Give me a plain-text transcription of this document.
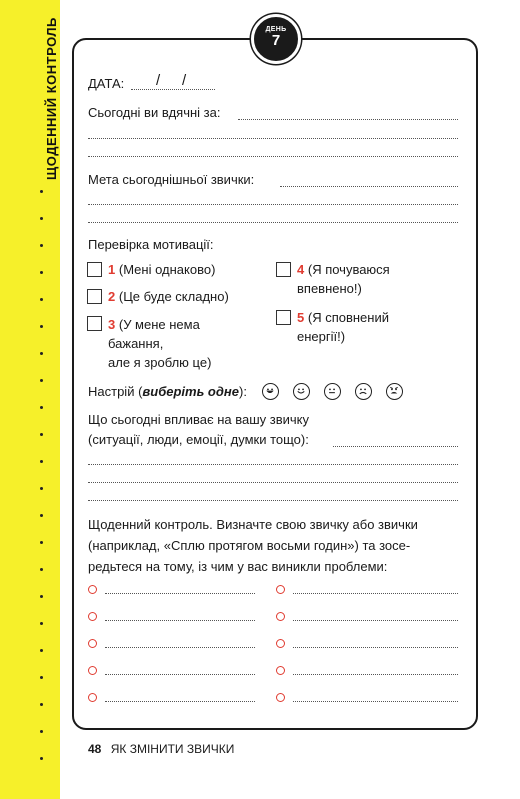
ЩОДЕННИЙ КОНТРОЛЬ	ДЕНЬ
7
ДАТА: / /
Сьогодні ви вдячні за:
Мета сьогоднішньої звички:
Перевірка мотивації:
1 (Мені однаково)
2 (Це буде складно)
3 (У мене нема
бажання,
але я зроблю це)
4 (Я почуваюся
впевнено!)
5 (Я сповнений
енергії!)
Настрій (виберіть одне):
Що сьогодні впливає на вашу звичку
(ситуації, люди, емоції, думки тощо):
Щоденний контроль. Визначте свою звичку або звички
(наприклад, «Сплю протягом восьми годин») та зосе-
редьтеся на тому, із чим у вас виникли проблеми:
48 ЯК ЗМІНИТИ ЗВИЧКИ
